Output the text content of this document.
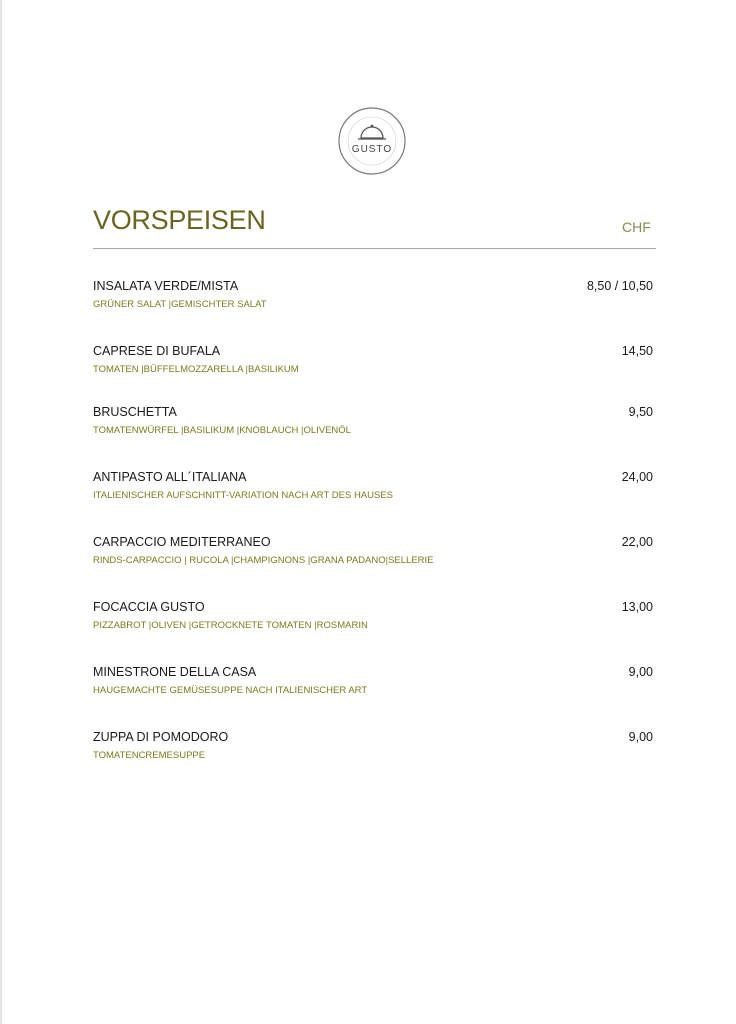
GUSTO
VORSPEISEN	CHF
INSALATA VERDE/MISTA	8,50 / 10,50
GRÜNER SALAT |GEMISCHTER SALAT
CAPRESE DI BUFALA	14,50
TOMATEN |BÜFFELMOZZARELLA |BASILIKUM
BRUSCHETTA	9,50
TOMATENWÜRFEL |BASILIKUM |KNOBLAUCH |OLIVENÖL
ANTIPASTO ALL´ITALIANA	24,00
ITALIENISCHER AUFSCHNITT-VARIATION NACH ART DES HAUSES
CARPACCIO MEDITERRANEO	22,00
RINDS-CARPACCIO | RUCOLA |CHAMPIGNONS |GRANA PADANO|SELLERIE
FOCACCIA GUSTO	13,00
PIZZABROT |OLIVEN |GETROCKNETE TOMATEN |ROSMARIN
MINESTRONE DELLA CASA	9,00
HAUGEMACHTE GEMÜSESUPPE NACH ITALIENISCHER ART
ZUPPA DI POMODORO	9,00
TOMATENCREMESUPPE
